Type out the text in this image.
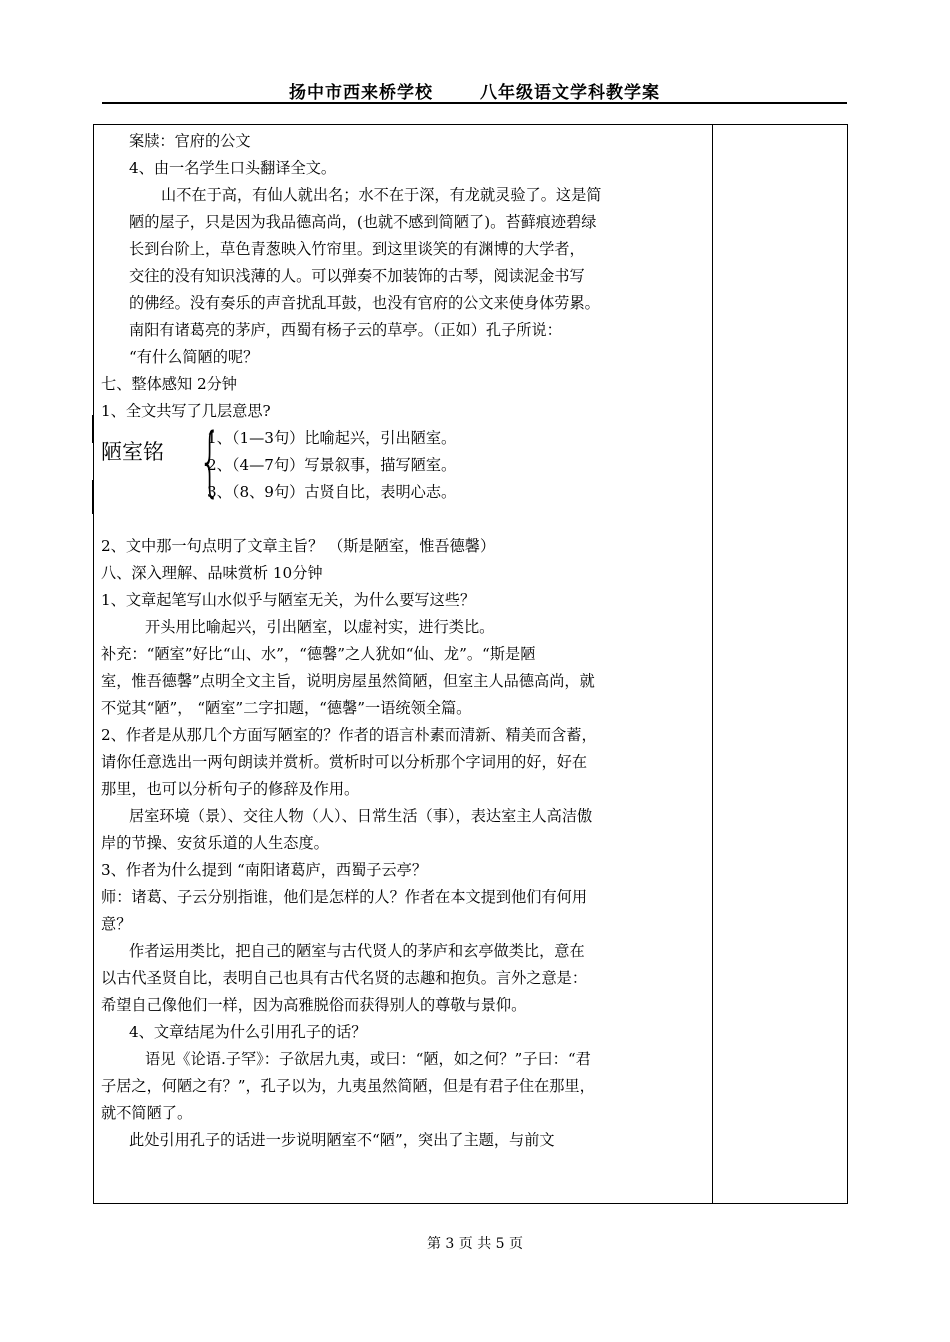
扬中市西来桥学校	八年级语文学科教学案

案牍：官府的公文

4、由一名学生口头翻译全文。

山不在于高，有仙人就出名；水不在于深，有龙就灵验了。这是简

陋的屋子，只是因为我品德高尚，(也就不感到简陋了)。苔藓痕迹碧绿

长到台阶上，草色青葱映入竹帘里。到这里谈笑的有渊博的大学者，

交往的没有知识浅薄的人。可以弹奏不加装饰的古琴，阅读泥金书写

的佛经。没有奏乐的声音扰乱耳鼓，也没有官府的公文来使身体劳累。

南阳有诸葛亮的茅庐，西蜀有杨子云的草亭。（正如）孔子所说：

“有什么简陋的呢？

七、整体感知 2分钟

1、全文共写了几层意思?

陋室铭 {

1、（1—3句）比喻起兴，引出陋室。

2、（4—7句）写景叙事，描写陋室。

3、（8、9句）古贤自比，表明心志。

2、文中那一句点明了文章主旨？ （斯是陋室，惟吾德馨）

八、深入理解、品味赏析 10分钟

1、文章起笔写山水似乎与陋室无关，为什么要写这些？

开头用比喻起兴，引出陋室，以虚衬实，进行类比。

补充：“陋室”好比“山、水”，“德馨”之人犹如“仙、龙”。“斯是陋

室，惟吾德馨”点明全文主旨，说明房屋虽然简陋，但室主人品德高尚，就

不觉其“陋”， “陋室”二字扣题，“德馨”一语统领全篇。

2、作者是从那几个方面写陋室的？作者的语言朴素而清新、精美而含蓄，

请你任意选出一两句朗读并赏析。赏析时可以分析那个字词用的好，好在

那里，也可以分析句子的修辞及作用。

居室环境（景）、交往人物（人）、日常生活（事），表达室主人高洁傲

岸的节操、安贫乐道的人生态度。

3、作者为什么提到 “南阳诸葛庐，西蜀子云亭？

师：诸葛、子云分别指谁，他们是怎样的人？作者在本文提到他们有何用

意？

作者运用类比，把自己的陋室与古代贤人的茅庐和玄亭做类比，意在

以古代圣贤自比，表明自己也具有古代名贤的志趣和抱负。言外之意是：

希望自己像他们一样，因为高雅脱俗而获得别人的尊敬与景仰。

4、文章结尾为什么引用孔子的话？

语见《论语.子罕》：子欲居九夷，或曰：“陋，如之何？”子曰：“君

子居之，何陋之有？”，孔子以为，九夷虽然简陋，但是有君子住在那里，

就不简陋了。

此处引用孔子的话进一步说明陋室不“陋”，突出了主题，与前文

第 3 页 共 5 页
